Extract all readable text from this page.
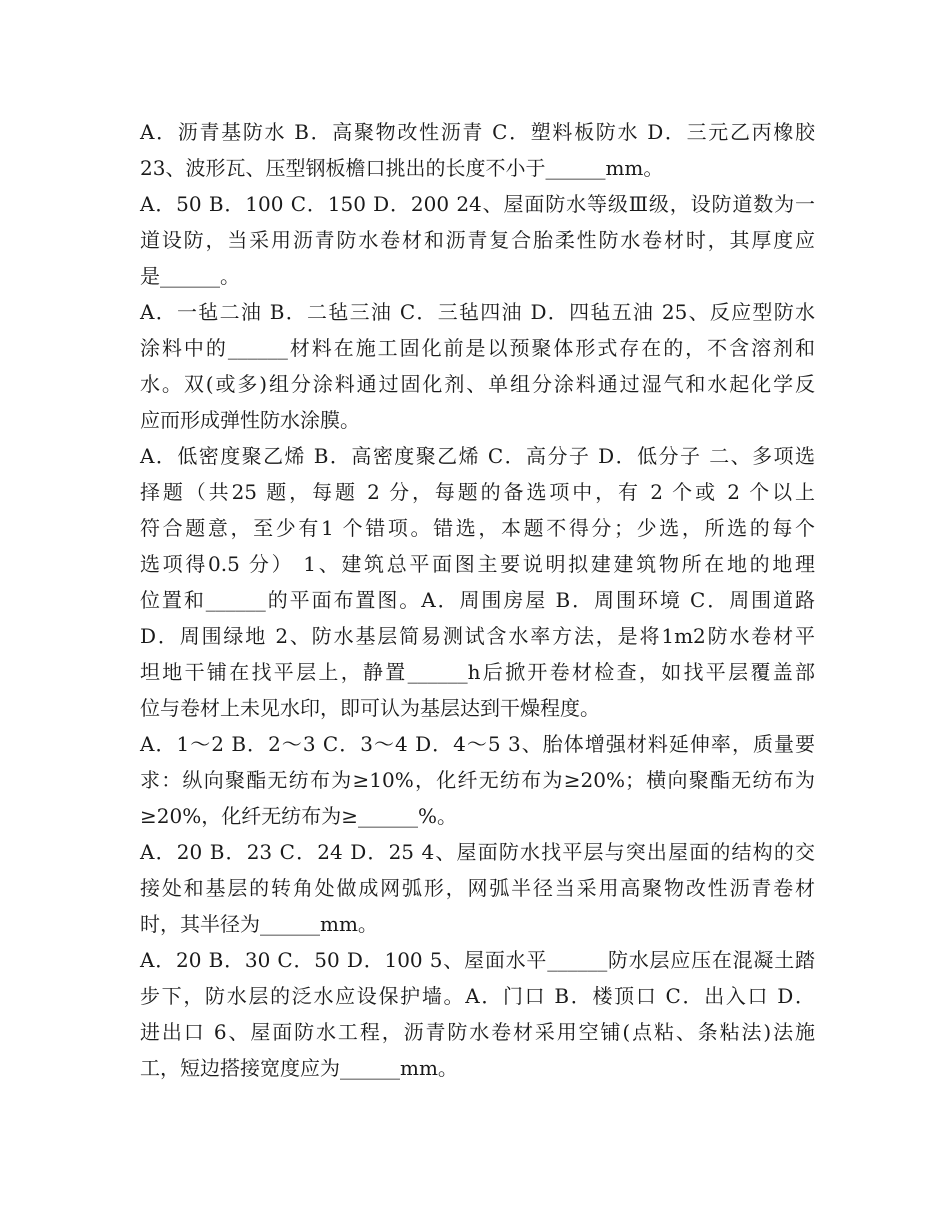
A．沥青基防水 B．高聚物改性沥青 C．塑料板防水 D．三元乙丙橡胶
23、波形瓦、压型钢板檐口挑出的长度不小于______mm。
A．50 B．100 C．150 D．200 24、屋面防水等级Ⅲ级，设防道数为一
道设防，当采用沥青防水卷材和沥青复合胎柔性防水卷材时，其厚度应
是______。
A．一毡二油 B．二毡三油 C．三毡四油 D．四毡五油 25、反应型防水
涂料中的______材料在施工固化前是以预聚体形式存在的，不含溶剂和
水。双(或多)组分涂料通过固化剂、单组分涂料通过湿气和水起化学反
应而形成弹性防水涂膜。
A．低密度聚乙烯 B．高密度聚乙烯 C．高分子 D．低分子 二、多项选
择题（共25 题，每题 2 分，每题的备选项中，有 2 个或 2 个以上
符合题意，至少有1 个错项。错选，本题不得分；少选，所选的每个
选项得0.5 分） 1、建筑总平面图主要说明拟建建筑物所在地的地理
位置和______的平面布置图。A．周围房屋 B．周围环境 C．周围道路
D．周围绿地 2、防水基层简易测试含水率方法，是将1m2防水卷材平
坦地干铺在找平层上，静置______h后掀开卷材检查，如找平层覆盖部
位与卷材上未见水印，即可认为基层达到干燥程度。
A．1～2 B．2～3 C．3～4 D．4～5 3、胎体增强材料延伸率，质量要
求：纵向聚酯无纺布为≥10%，化纤无纺布为≥20%；横向聚酯无纺布为
≥20%，化纤无纺布为≥______%。
A．20 B．23 C．24 D．25 4、屋面防水找平层与突出屋面的结构的交
接处和基层的转角处做成网弧形，网弧半径当采用高聚物改性沥青卷材
时，其半径为______mm。
A．20 B．30 C．50 D．100 5、屋面水平______防水层应压在混凝土踏
步下，防水层的泛水应设保护墙。A．门口 B．楼顶口 C．出入口 D．
进出口 6、屋面防水工程，沥青防水卷材采用空铺(点粘、条粘法)法施
工，短边搭接宽度应为______mm。
